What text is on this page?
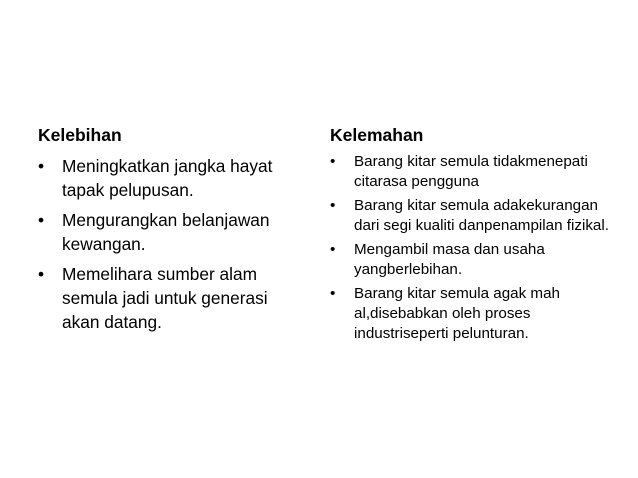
Kelebihan
• Meningkatkan jangka hayat tapak pelupusan.
• Mengurangkan belanjawan kewangan.
• Memelihara sumber alam semula jadi untuk generasi akan datang.
Kelemahan
• Barang kitar semula tidakmenepati citarasa pengguna
• Barang kitar semula adakekurangan dari segi kualiti danpenampilan fizikal.
• Mengambil masa dan usaha yangberlebihan.
• Barang kitar semula agak mah al,disebabkan oleh proses industriseperti pelunturan.
